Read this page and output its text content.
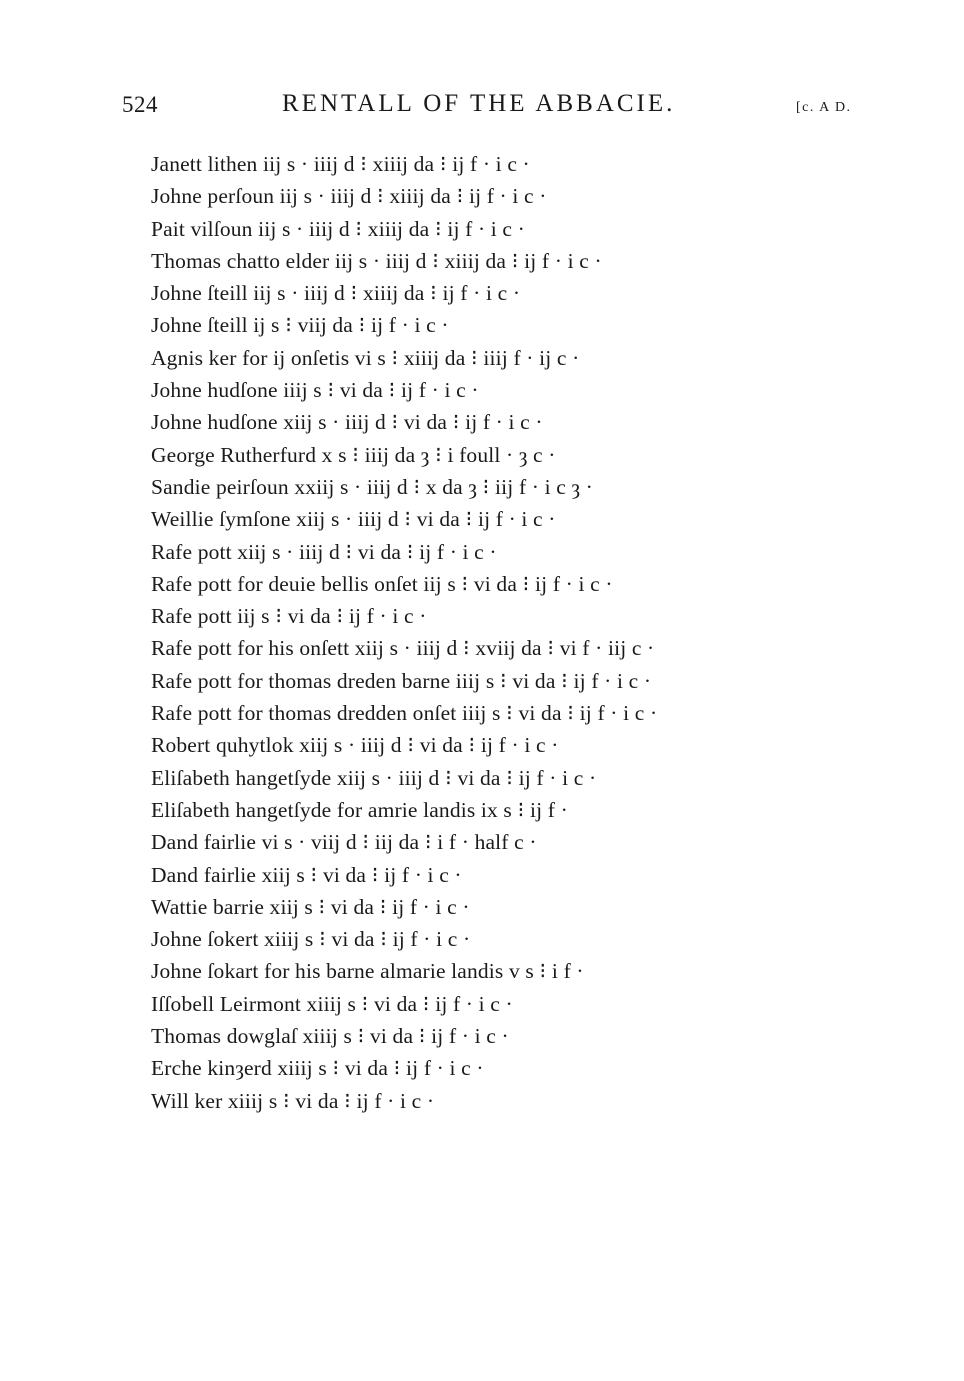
524	RENTALL OF THE ABBACIE.	[c. A D.
Janett lithen iij s · iiij d ⁝ xiiij da ⁝ ij f · i c ·
Johne perſoun iij s · iiij d ⁝ xiiij da ⁝ ij f · i c ·
Pait vilſoun iij s · iiij d ⁝ xiiij da ⁝ ij f · i c ·
Thomas chatto elder iij s · iiij d ⁝ xiiij da ⁝ ij f · i c ·
Johne ſteill iij s · iiij d ⁝ xiiij da ⁝ ij f · i c ·
Johne ſteill ij s ⁝ viij da ⁝ ij f · i c ·
Agnis ker for ij onſetis vi s ⁝ xiiij da ⁝ iiij f · ij c ·
Johne hudſone iiij s ⁝ vi da ⁝ ij f · i c ·
Johne hudſone xiij s · iiij d ⁝ vi da ⁝ ij f · i c ·
George Rutherfurd x s ⁝ iiij da ȝ ⁝ i foull · ȝ c ·
Sandie peirſoun xxiij s · iiij d ⁝ x da ȝ ⁝ iij f · i c ȝ ·
Weillie ſymſone xiij s · iiij d ⁝ vi da ⁝ ij f · i c ·
Rafe pott xiij s · iiij d ⁝ vi da ⁝ ij f · i c ·
Rafe pott for deuie bellis onſet iij s ⁝ vi da ⁝ ij f · i c ·
Rafe pott iij s ⁝ vi da ⁝ ij f · i c ·
Rafe pott for his onſett xiij s · iiij d ⁝ xviij da ⁝ vi f · iij c ·
Rafe pott for thomas dreden barne iiij s ⁝ vi da ⁝ ij f · i c ·
Rafe pott for thomas dredden onſet iiij s ⁝ vi da ⁝ ij f · i c ·
Robert quhytlok xiij s · iiij d ⁝ vi da ⁝ ij f · i c ·
Eliſabeth hangetſyde xiij s · iiij d ⁝ vi da ⁝ ij f · i c ·
Eliſabeth hangetſyde for amrie landis ix s ⁝ ij f ·
Dand fairlie vi s · viij d ⁝ iij da ⁝ i f · half c ·
Dand fairlie xiij s ⁝ vi da ⁝ ij f · i c ·
Wattie barrie xiij s ⁝ vi da ⁝ ij f · i c ·
Johne ſokert xiiij s ⁝ vi da ⁝ ij f · i c ·
Johne ſokart for his barne almarie landis v s ⁝ i f ·
Iſſobell Leirmont xiiij s ⁝ vi da ⁝ ij f · i c ·
Thomas dowglaſ xiiij s ⁝ vi da ⁝ ij f · i c ·
Erche kinȝerd xiiij s ⁝ vi da ⁝ ij f · i c ·
Will ker xiiij s ⁝ vi da ⁝ ij f · i c ·
